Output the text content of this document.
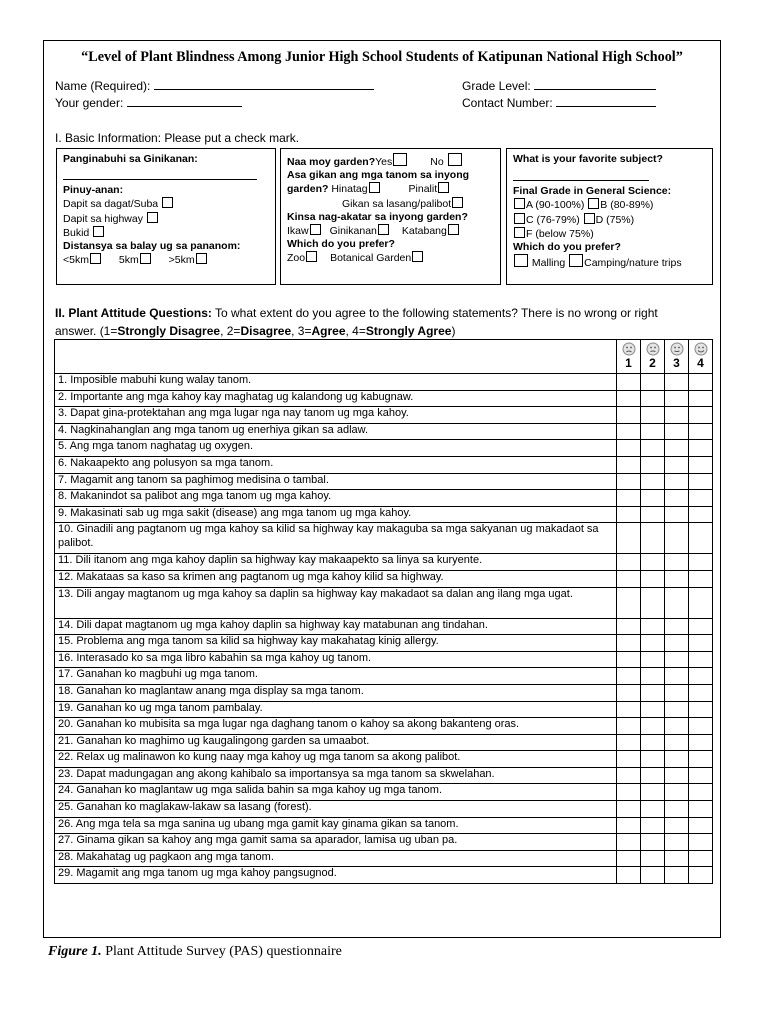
“Level of Plant Blindness Among Junior High School Students of Katipunan National High School”
Name (Required):
Your gender:
Grade Level:
Contact Number:
I. Basic Information: Please put a check mark.
Panginabuhi sa Ginikanan:
Pinuy-anan:
Dapit sa dagat/Suba
Dapit sa highway
Bukid
Distansya sa balay ug sa pananom:
<5km	5km	>5km
Naa moy garden?Yes	No
Asa gikan ang mga tanom sa inyong
garden? Hinatag	Pinalit
Gikan sa lasang/palibot
Kinsa nag-akatar sa inyong garden?
Ikaw Ginikanan Katabang
Which do you prefer?
Zoo Botanical Garden
What is your favorite subject?
Final Grade in General Science:
A (90-100%) B (80-89%)
C (76-79%) D (75%)
F (below 75%)
Which do you prefer?
Malling Camping/nature trips
II. Plant Attitude Questions: To what extent do you agree to the following statements? There is no wrong or right
answer. (1=Strongly Disagree, 2=Disagree, 3=Agree, 4=Strongly Agree)

	1	2	3	4

1. Imposible mabuhi kung walay tanom.				
2. Importante ang mga kahoy kay maghatag ug kalandong ug kabugnaw.				
3. Dapat gina-protektahan ang mga lugar nga nay tanom ug mga kahoy.				
4. Nagkinahanglan ang mga tanom ug enerhiya gikan sa adlaw.				
5. Ang mga tanom naghatag ug oxygen.				
6. Nakaapekto ang polusyon sa mga tanom.				
7. Magamit ang tanom sa paghimog medisina o tambal.				
8. Makanindot sa palibot ang mga tanom ug mga kahoy.				
9. Makasinati sab ug mga sakit (disease) ang mga tanom ug mga kahoy.				
10. Ginadili ang pagtanom ug mga kahoy sa kilid sa highway kay makaguba sa mga sakyanan ug makadaot sa palibot.				
11. Dili itanom ang mga kahoy daplin sa highway kay makaapekto sa linya sa kuryente.				
12. Makataas sa kaso sa krimen ang pagtanom ug mga kahoy kilid sa highway.				
13. Dili angay magtanom ug mga kahoy sa daplin sa highway kay makadaot sa dalan ang ilang mga ugat.				
14. Dili dapat magtanom ug mga kahoy daplin sa highway kay matabunan ang tindahan.				
15. Problema ang mga tanom sa kilid sa highway kay makahatag kinig allergy.				
16. Interasado ko sa mga libro kabahin sa mga kahoy ug tanom.				
17. Ganahan ko magbuhi ug mga tanom.				
18. Ganahan ko maglantaw anang mga display sa mga tanom.				
19. Ganahan ko ug mga tanom pambalay.				
20. Ganahan ko mubisita sa mga lugar nga daghang tanom o kahoy sa akong bakanteng oras.				
21. Ganahan ko maghimo ug kaugalingong garden sa umaabot.				
22. Relax ug malinawon ko kung naay mga kahoy ug mga tanom sa akong palibot.				
23. Dapat madungagan ang akong kahibalo sa importansya sa mga tanom sa skwelahan.				
24. Ganahan ko maglantaw ug mga salida bahin sa mga kahoy ug mga tanom.				
25. Ganahan ko maglakaw-lakaw sa lasang (forest).				
26. Ang mga tela sa mga sanina ug ubang mga gamit kay ginama gikan sa tanom.				
27. Ginama gikan sa kahoy ang mga gamit sama sa aparador, lamisa ug uban pa.				
28. Makahatag ug pagkaon ang mga tanom.				
29. Magamit ang mga tanom ug mga kahoy pangsugnod.				
Figure 1. Plant Attitude Survey (PAS) questionnaire
